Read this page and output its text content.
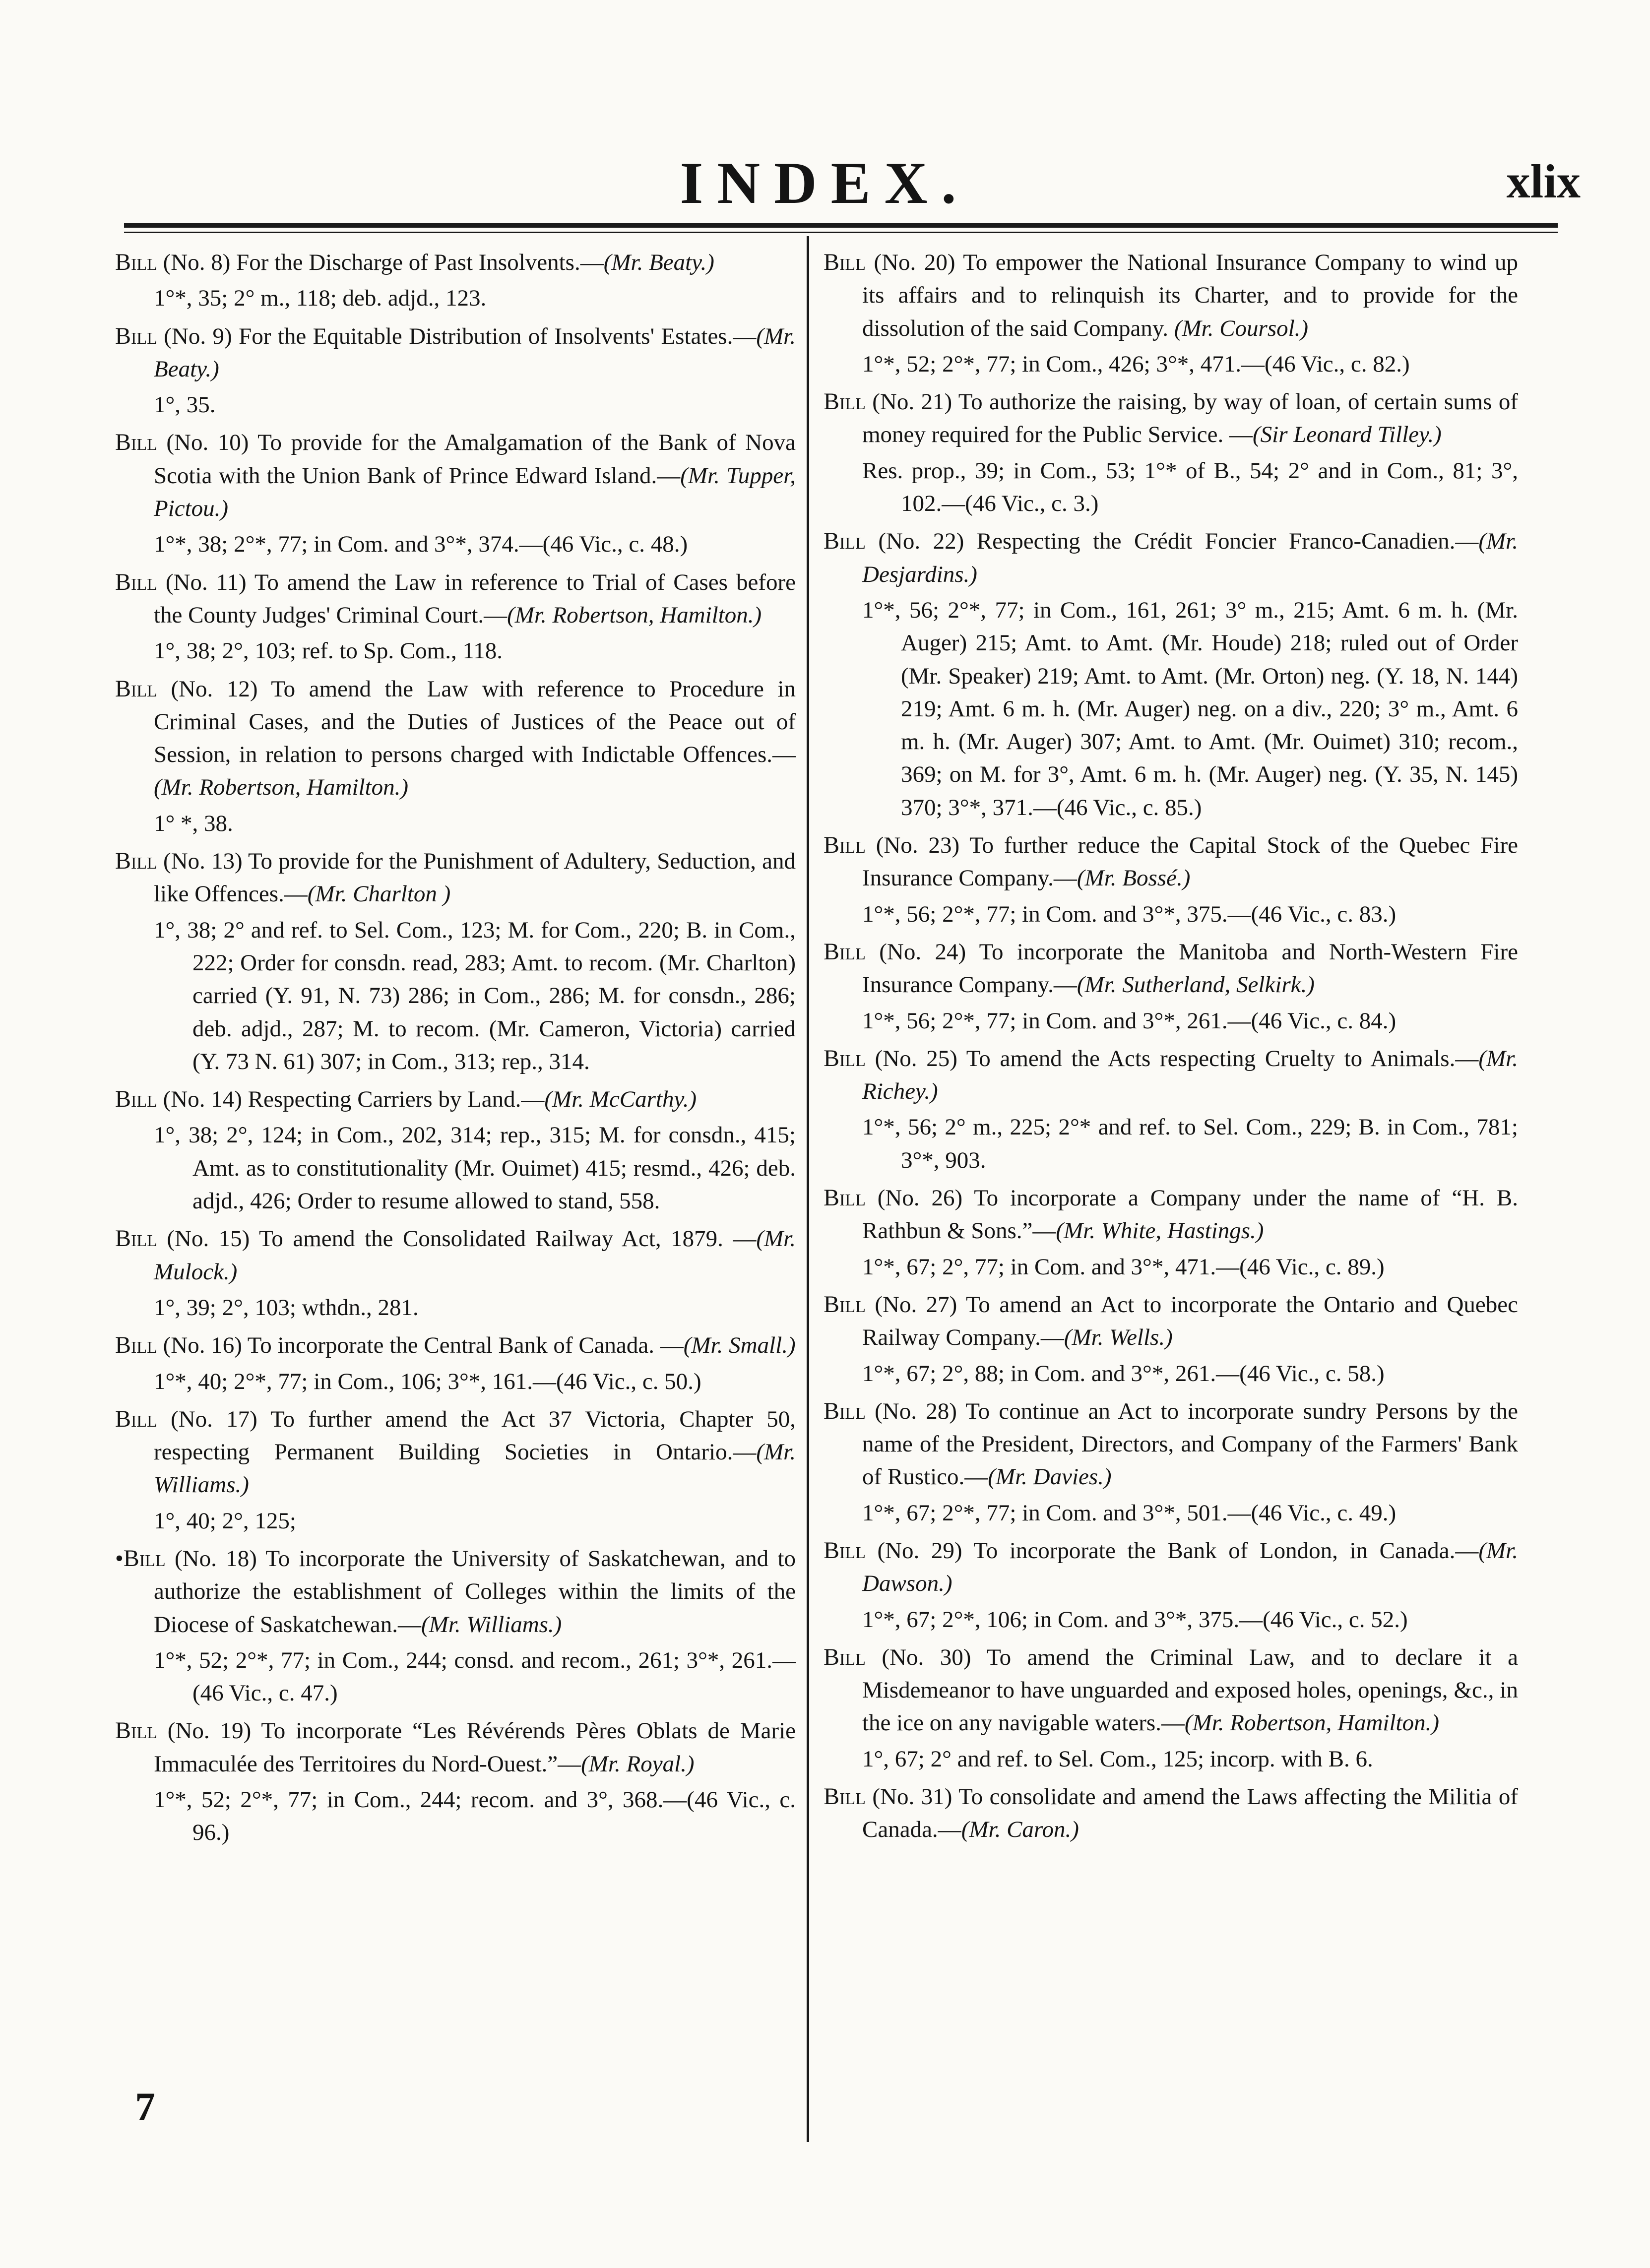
INDEX.	xlix

Bill (No. 8) For the Discharge of Past Insolvents.—(Mr. Beaty.)

1°*, 35; 2° m., 118; deb. adjd., 123.

Bill (No. 9) For the Equitable Distribution of Insolvents' Estates.—(Mr. Beaty.)

1°, 35.

Bill (No. 10) To provide for the Amalgamation of the Bank of Nova Scotia with the Union Bank of Prince Edward Island.—(Mr. Tupper, Pictou.)

1°*, 38; 2°*, 77; in Com. and 3°*, 374.—(46 Vic., c. 48.)

Bill (No. 11) To amend the Law in reference to Trial of Cases before the County Judges' Criminal Court.—(Mr. Robertson, Hamilton.)

1°, 38; 2°, 103; ref. to Sp. Com., 118.

Bill (No. 12) To amend the Law with reference to Procedure in Criminal Cases, and the Duties of Justices of the Peace out of Session, in relation to persons charged with Indictable Offences.—(Mr. Robertson, Hamilton.)

1° *, 38.

Bill (No. 13) To provide for the Punishment of Adultery, Seduction, and like Offences.—(Mr. Charlton )

1°, 38; 2° and ref. to Sel. Com., 123; M. for Com., 220; B. in Com., 222; Order for consdn. read, 283; Amt. to recom. (Mr. Charlton) carried (Y. 91, N. 73) 286; in Com., 286; M. for consdn., 286; deb. adjd., 287; M. to recom. (Mr. Cameron, Victoria) carried (Y. 73 N. 61) 307; in Com., 313; rep., 314.

Bill (No. 14) Respecting Carriers by Land.—(Mr. McCarthy.)

1°, 38; 2°, 124; in Com., 202, 314; rep., 315; M. for consdn., 415; Amt. as to constitutionality (Mr. Ouimet) 415; resmd., 426; deb. adjd., 426; Order to resume allowed to stand, 558.

Bill (No. 15) To amend the Consolidated Railway Act, 1879. —(Mr. Mulock.)

1°, 39; 2°, 103; wthdn., 281.

Bill (No. 16) To incorporate the Central Bank of Canada. —(Mr. Small.)

1°*, 40; 2°*, 77; in Com., 106; 3°*, 161.—(46 Vic., c. 50.)

Bill (No. 17) To further amend the Act 37 Victoria, Chapter 50, respecting Permanent Building Societies in Ontario.—(Mr. Williams.)

1°, 40; 2°, 125;

•Bill (No. 18) To incorporate the University of Saskatchewan, and to authorize the establishment of Colleges within the limits of the Diocese of Saskatchewan.—(Mr. Williams.)

1°*, 52; 2°*, 77; in Com., 244; consd. and recom., 261; 3°*, 261.—(46 Vic., c. 47.)

Bill (No. 19) To incorporate “Les Révérends Pères Oblats de Marie Immaculée des Territoires du Nord-Ouest.”—(Mr. Royal.)

1°*, 52; 2°*, 77; in Com., 244; recom. and 3°, 368.—(46 Vic., c. 96.)

Bill (No. 20) To empower the National Insurance Company to wind up its affairs and to relinquish its Charter, and to provide for the dissolution of the said Company. (Mr. Coursol.)

1°*, 52; 2°*, 77; in Com., 426; 3°*, 471.—(46 Vic., c. 82.)

Bill (No. 21) To authorize the raising, by way of loan, of certain sums of money required for the Public Service. —(Sir Leonard Tilley.)

Res. prop., 39; in Com., 53; 1°* of B., 54; 2° and in Com., 81; 3°, 102.—(46 Vic., c. 3.)

Bill (No. 22) Respecting the Crédit Foncier Franco-Canadien.—(Mr. Desjardins.)

1°*, 56; 2°*, 77; in Com., 161, 261; 3° m., 215; Amt. 6 m. h. (Mr. Auger) 215; Amt. to Amt. (Mr. Houde) 218; ruled out of Order (Mr. Speaker) 219; Amt. to Amt. (Mr. Orton) neg. (Y. 18, N. 144) 219; Amt. 6 m. h. (Mr. Auger) neg. on a div., 220; 3° m., Amt. 6 m. h. (Mr. Auger) 307; Amt. to Amt. (Mr. Ouimet) 310; recom., 369; on M. for 3°, Amt. 6 m. h. (Mr. Auger) neg. (Y. 35, N. 145) 370; 3°*, 371.—(46 Vic., c. 85.)

Bill (No. 23) To further reduce the Capital Stock of the Quebec Fire Insurance Company.—(Mr. Bossé.)

1°*, 56; 2°*, 77; in Com. and 3°*, 375.—(46 Vic., c. 83.)

Bill (No. 24) To incorporate the Manitoba and North-Western Fire Insurance Company.—(Mr. Sutherland, Selkirk.)

1°*, 56; 2°*, 77; in Com. and 3°*, 261.—(46 Vic., c. 84.)

Bill (No. 25) To amend the Acts respecting Cruelty to Animals.—(Mr. Richey.)

1°*, 56; 2° m., 225; 2°* and ref. to Sel. Com., 229; B. in Com., 781; 3°*, 903.

Bill (No. 26) To incorporate a Company under the name of “H. B. Rathbun & Sons.”—(Mr. White, Hastings.)

1°*, 67; 2°, 77; in Com. and 3°*, 471.—(46 Vic., c. 89.)

Bill (No. 27) To amend an Act to incorporate the Ontario and Quebec Railway Company.—(Mr. Wells.)

1°*, 67; 2°, 88; in Com. and 3°*, 261.—(46 Vic., c. 58.)

Bill (No. 28) To continue an Act to incorporate sundry Persons by the name of the President, Directors, and Company of the Farmers' Bank of Rustico.—(Mr. Davies.)

1°*, 67; 2°*, 77; in Com. and 3°*, 501.—(46 Vic., c. 49.)

Bill (No. 29) To incorporate the Bank of London, in Canada.—(Mr. Dawson.)

1°*, 67; 2°*, 106; in Com. and 3°*, 375.—(46 Vic., c. 52.)

Bill (No. 30) To amend the Criminal Law, and to declare it a Misdemeanor to have unguarded and exposed holes, openings, &c., in the ice on any navigable waters.—(Mr. Robertson, Hamilton.)

1°, 67; 2° and ref. to Sel. Com., 125; incorp. with B. 6.

Bill (No. 31) To consolidate and amend the Laws affecting the Militia of Canada.—(Mr. Caron.)

7
